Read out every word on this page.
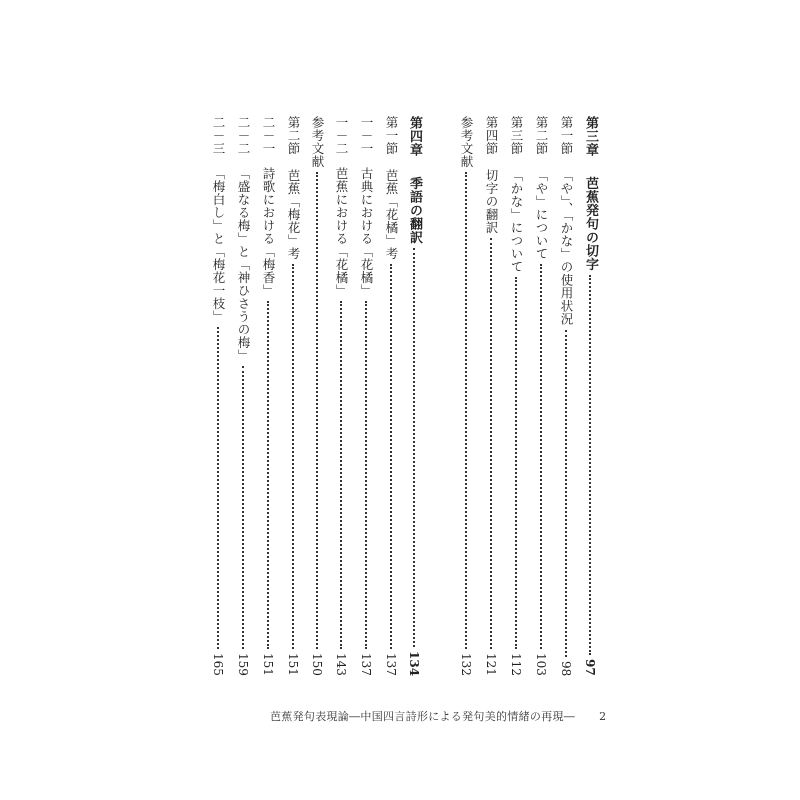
第三章芭蕉発句の切字
97
第一節「や」、「かな」の使用状況
98
第二節「や」について
103
第三節「かな」について
112
第四節切字の翻訳
121
参考文献
132
第四章季語の翻訳
134
第一節芭蕉「花橘」考
137
一－一古典における「花橘」
137
一－二芭蕉における「花橘」
143
参考文献
150
第二節芭蕉「梅花」考
151
二－一詩歌における「梅香」
151
二－二「盛なる梅」と「神ひさうの梅」
159
二－三「梅白し」と「梅花一枝」
165
芭蕉発句表現論―中国四言詩形による発句美的情緒の再現― 2
